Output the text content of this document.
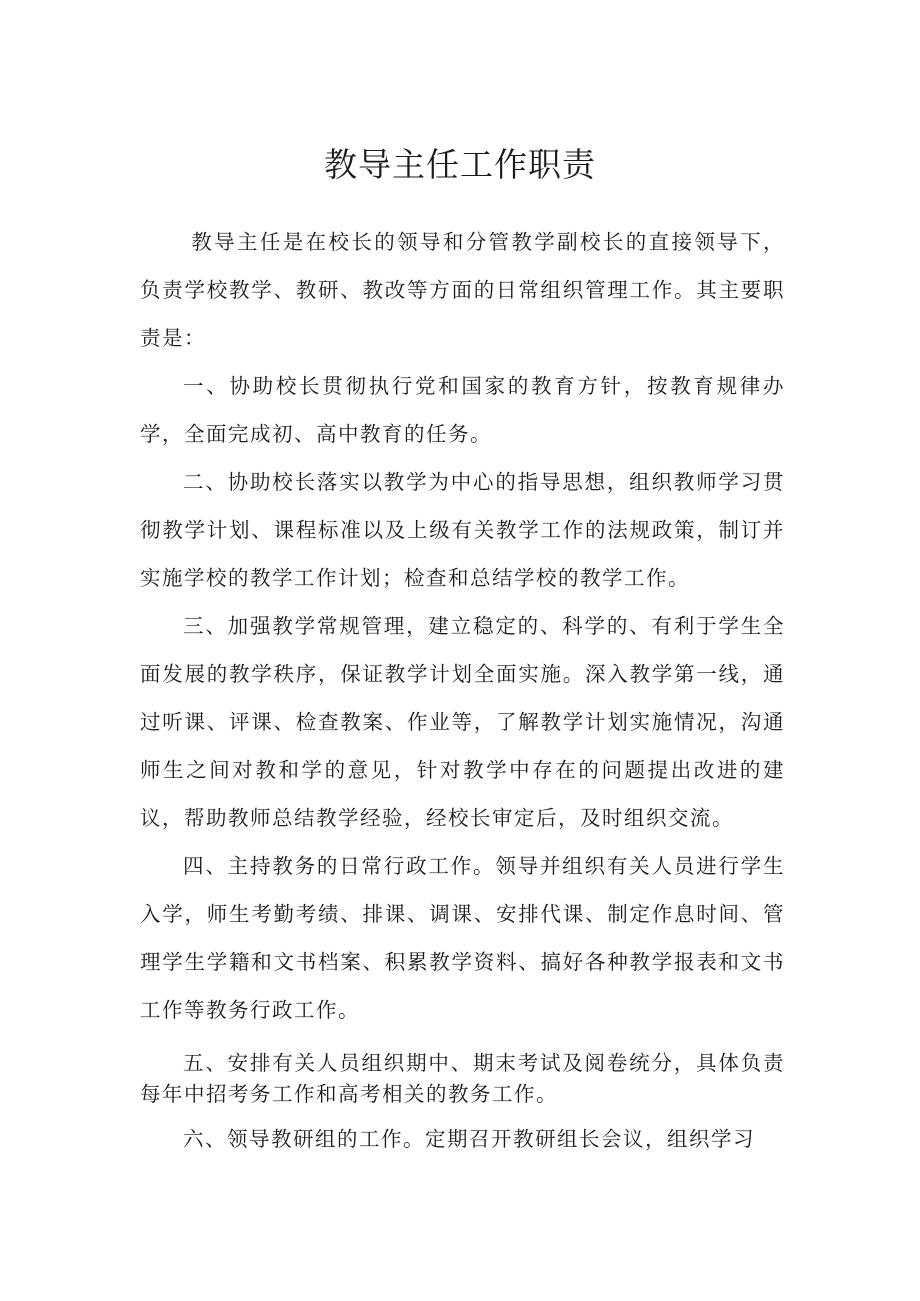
教导主任工作职责

教导主任是在校长的领导和分管教学副校长的直接领导下，负责学校教学、教研、教改等方面的日常组织管理工作。其主要职责是：

一、协助校长贯彻执行党和国家的教育方针，按教育规律办学，全面完成初、高中教育的任务。

二、协助校长落实以教学为中心的指导思想，组织教师学习贯彻教学计划、课程标准以及上级有关教学工作的法规政策，制订并实施学校的教学工作计划；检查和总结学校的教学工作。

三、加强教学常规管理，建立稳定的、科学的、有利于学生全面发展的教学秩序，保证教学计划全面实施。深入教学第一线，通过听课、评课、检查教案、作业等，了解教学计划实施情况，沟通师生之间对教和学的意见，针对教学中存在的问题提出改进的建议，帮助教师总结教学经验，经校长审定后，及时组织交流。

四、主持教务的日常行政工作。领导并组织有关人员进行学生入学，师生考勤考绩、排课、调课、安排代课、制定作息时间、管理学生学籍和文书档案、积累教学资料、搞好各种教学报表和文书工作等教务行政工作。

五、安排有关人员组织期中、期末考试及阅卷统分，具体负责每年中招考务工作和高考相关的教务工作。

六、领导教研组的工作。定期召开教研组长会议，组织学习
